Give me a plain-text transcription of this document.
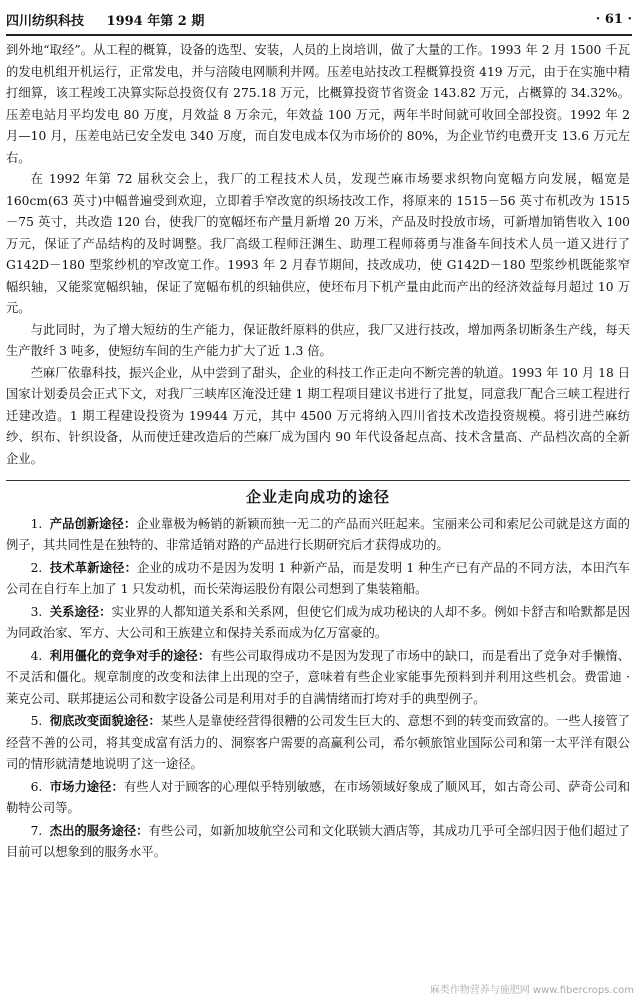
四川纺织科技 1994 年第 2 期	· 61 ·

到外地“取经”。从工程的概算，设备的选型、安装，人员的上岗培训，做了大量的工作。1993 年 2 月 1500 千瓦的发电机组开机运行，正常发电，并与涪陵电网顺利并网。压差电站技改工程概算投资 419 万元，由于在实施中精打细算，该工程竣工决算实际总投资仅有 275.18 万元，比概算投资节省资金 143.82 万元，占概算的 34.32%。压差电站月平均发电 80 万度，月效益 8 万余元，年效益 100 万元，两年半时间就可收回全部投资。1992 年 2 月—10 月，压差电站已安全发电 340 万度，而自发电成本仅为市场价的 80%，为企业节约电费开支 13.6 万元左右。

在 1992 年第 72 届秋交会上，我厂的工程技术人员，发现苎麻市场要求织物向宽幅方向发展，幅宽是 160cm(63 英寸)中幅普遍受到欢迎，立即着手窄改宽的织场技改工作，将原来的 1515－56 英寸布机改为 1515－75 英寸，共改造 120 台，使我厂的宽幅坯布产量月新增 20 万米，产品及时投放市场，可新增加销售收入 100 万元，保证了产品结构的及时调整。我厂高级工程师汪渊生、助理工程师蒋勇与准备车间技术人员一道又进行了 G142D－180 型浆纱机的窄改宽工作。1993 年 2 月春节期间，技改成功，使 G142D－180 型浆纱机既能浆窄幅织轴，又能浆宽幅织轴，保证了宽幅布机的织轴供应，使坯布月下机产量由此而产出的经济效益每月超过 10 万元。

与此同时，为了增大短纺的生产能力，保证散纤原料的供应，我厂又进行技改，增加两条切断条生产线，每天生产散纤 3 吨多，使短纺车间的生产能力扩大了近 1.3 倍。

苎麻厂依靠科技，振兴企业，从中尝到了甜头，企业的科技工作正走向不断完善的轨道。1993 年 10 月 18 日国家计划委员会正式下文，对我厂三峡库区淹没迁建 1 期工程项目建议书进行了批复，同意我厂配合三峡工程进行迁建改造。1 期工程建设投资为 19944 万元，其中 4500 万元将纳入四川省技术改造投资规模。将引进苎麻纺纱、织布、针织设备，从而使迁建改造后的苎麻厂成为国内 90 年代设备起点高、技术含量高、产品档次高的全新企业。

企业走向成功的途径

1. 产品创新途径：企业靠极为畅销的新颖而独一无二的产品而兴旺起来。宝丽来公司和索尼公司就是这方面的例子，其共同性是在独特的、非常适销对路的产品进行长期研究后才获得成功的。

2. 技术革新途径：企业的成功不是因为发明 1 种新产品，而是发明 1 种生产已有产品的不同方法，本田汽车公司在自行车上加了 1 只发动机，而长荣海运股份有限公司想到了集装箱船。

3. 关系途径：实业界的人都知道关系和关系网，但使它们成为成功秘诀的人却不多。例如卡舒吉和哈默都是因为同政治家、军方、大公司和王族建立和保持关系而成为亿万富豪的。

4. 利用僵化的竞争对手的途径：有些公司取得成功不是因为发现了市场中的缺口，而是看出了竞争对手懒惰、不灵活和僵化。规章制度的改变和法律上出现的空子，意味着有些企业家能事先预料到并利用这些机会。费雷迪 · 莱克公司、联邦捷运公司和数字设备公司是利用对手的自满情绪而打垮对手的典型例子。

5. 彻底改变面貌途径：某些人是靠使经营得很糟的公司发生巨大的、意想不到的转变而致富的。一些人接管了经营不善的公司，将其变成富有活力的、洞察客户需要的高赢利公司，希尔顿旅馆业国际公司和第一太平洋有限公司的情形就清楚地说明了这一途径。

6. 市场力途径：有些人对于顾客的心理似乎特别敏感，在市场领域好象成了顺风耳，如古奇公司、萨奇公司和勒特公司等。

7. 杰出的服务途径：有些公司，如新加坡航空公司和文化联锁大酒店等，其成功几乎可全部归因于他们超过了目前可以想象到的服务水平。

麻类作物营养与施肥网 www.fibercrops.com
